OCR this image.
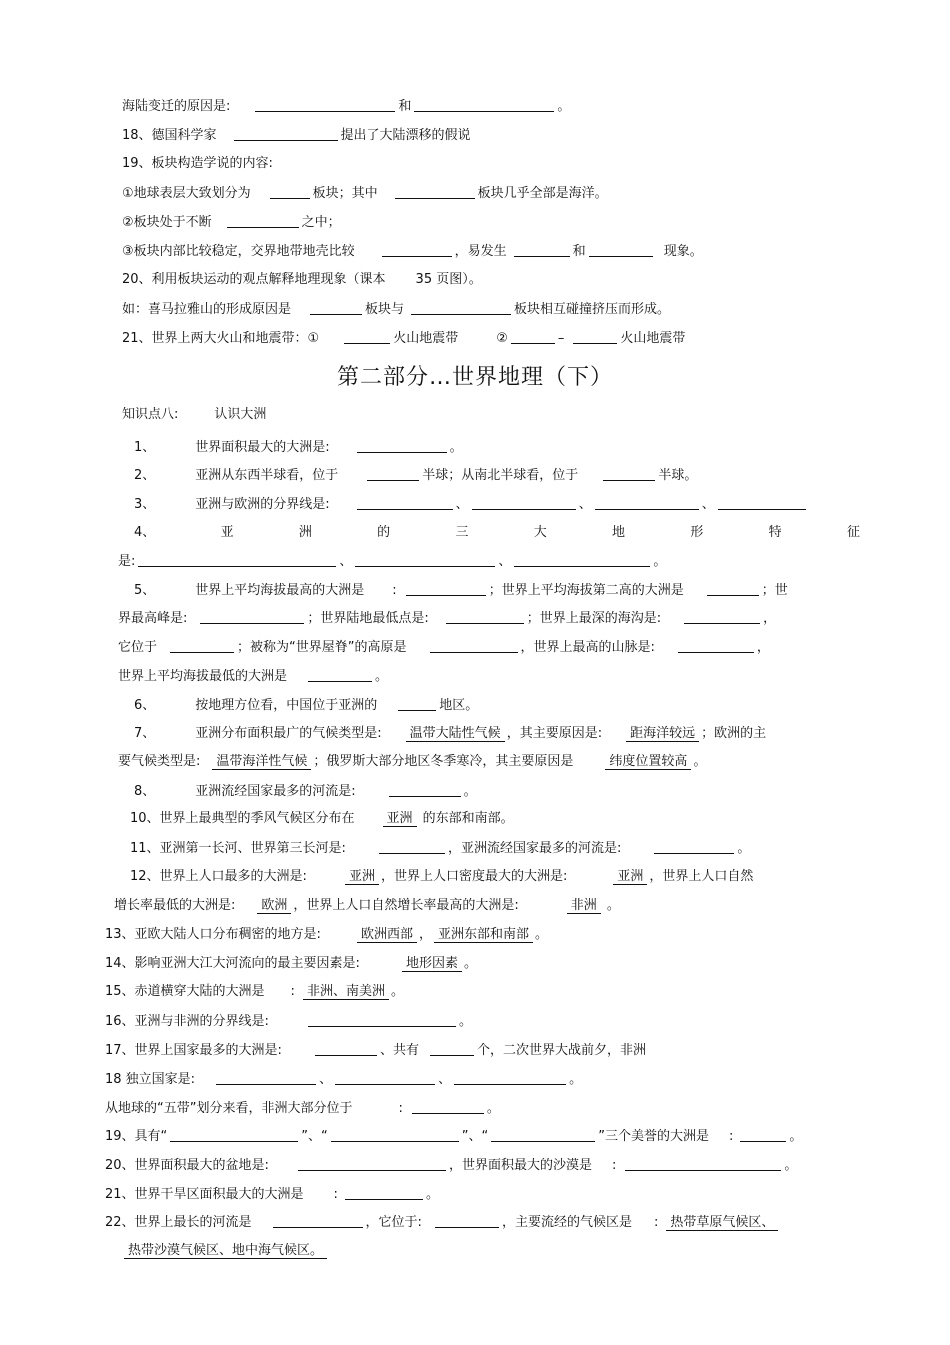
海陆变迁的原因是:	和	。
18、德国科学家	提出了大陆漂移的假说
19、板块构造学说的内容:
①地球表层大致划分为	板块；其中	板块几乎全部是海洋。
②板块处于不断	之中；
③板块内部比较稳定，交界地带地壳比较	，易发生	和	现象。
20、利用板块运动的观点解释地理现象（课本 35 页图）。
如：喜马拉雅山的形成原因是	板块与	板块相互碰撞挤压而形成。
21、世界上两大火山和地震带：①	火山地震带	②	–	火山地震带
第二部分…世界地理（下）
知识点八:	认识大洲
1、	世界面积最大的大洲是:	。
2、	亚洲从东西半球看，位于	半球；从南北半球看，位于	半球。
3、	亚洲与欧洲的分界线是:	、	、	、
4、	亚	洲	的	三	大	地	形	特	征
是:	、	、	。
5、	世界上平均海拔最高的大洲是 :	；世界上平均海拔第二高的大洲是	；世
界最高峰是:	；世界陆地最低点是:	；世界上最深的海沟是:	，
它位于	；被称为“世界屋脊”的高原是	，世界上最高的山脉是:	，
世界上平均海拔最低的大洲是	。
6、	按地理方位看，中国位于亚洲的	地区。
7、	亚洲分布面积最广的气候类型是: 温带大陆性气候 ，其主要原因是: 距海洋较远 ；欧洲的主
要气候类型是: 温带海洋性气候 ；俄罗斯大部分地区冬季寒冷，其主要原因是	纬度位置较高 。
8、	亚洲流经国家最多的河流是:	。
10、世界上最典型的季风气候区分布在 亚洲 的东部和南部。
11、亚洲第一长河、世界第三长河是:	，亚洲流经国家最多的河流是:	。
12、世界上人口最多的大洲是:	亚洲 ，世界上人口密度最大的大洲是:	亚洲 ，世界上人口自然
增长率最低的大洲是: 欧洲 ，世界上人口自然增长率最高的大洲是:	非洲 。
13、亚欧大陆人口分布稠密的地方是:	欧洲西部 ， 亚洲东部和南部 。
14、影响亚洲大江大河流向的最主要因素是:	地形因素 。
15、赤道横穿大陆的大洲是 : 非洲、南美洲 。
16、亚洲与非洲的分界线是:	。
17、世界上国家最多的大洲是:	、共有	个，二次世界大战前夕，非洲
18 独立国家是:	、	、	。
从地球的“五带”划分来看，非洲大部分位于	:	。
19、具有“	”、“	”、“	”三个美誉的大洲是 :	。
20、世界面积最大的盆地是:	，世界面积最大的沙漠是 :	。
21、世界干旱区面积最大的大洲是 :	。
22、世界上最长的河流是	，它位于:	，主要流经的气候区是 : 热带草原气候区、
热带沙漠气候区、地中海气候区。
